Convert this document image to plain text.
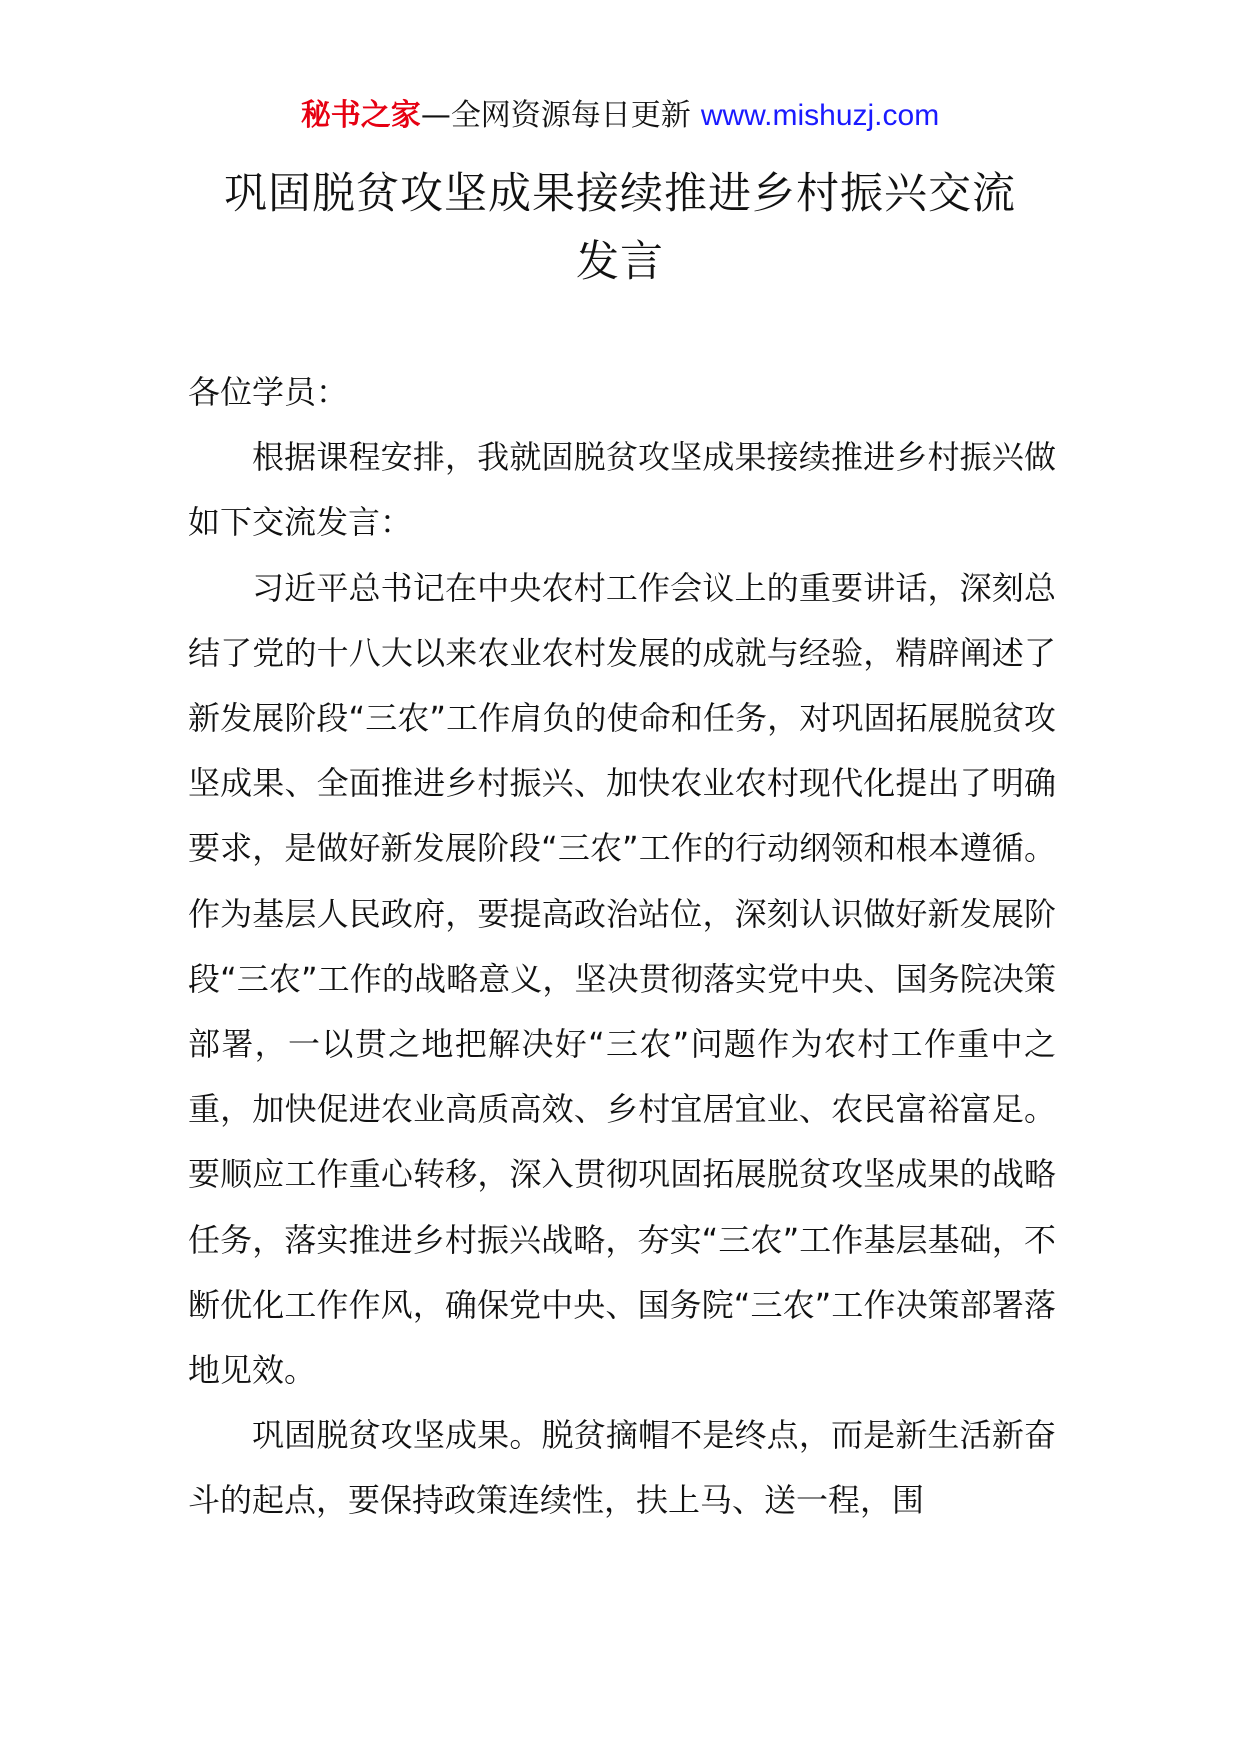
秘书之家—全网资源每日更新 www.mishuzj.com
巩固脱贫攻坚成果接续推进乡村振兴交流
发言

各位学员：

根据课程安排，我就固脱贫攻坚成果接续推进乡村振兴做如下交流发言：

习近平总书记在中央农村工作会议上的重要讲话，深刻总结了党的十八大以来农业农村发展的成就与经验，精辟阐述了新发展阶段“三农”工作肩负的使命和任务，对巩固拓展脱贫攻坚成果、全面推进乡村振兴、加快农业农村现代化提出了明确要求，是做好新发展阶段“三农”工作的行动纲领和根本遵循。作为基层人民政府，要提高政治站位，深刻认识做好新发展阶段“三农”工作的战略意义，坚决贯彻落实党中央、国务院决策部署，一以贯之地把解决好“三农”问题作为农村工作重中之重，加快促进农业高质高效、乡村宜居宜业、农民富裕富足。要顺应工作重心转移，深入贯彻巩固拓展脱贫攻坚成果的战略任务，落实推进乡村振兴战略，夯实“三农”工作基层基础，不断优化工作作风，确保党中央、国务院“三农”工作决策部署落地见效。

巩固脱贫攻坚成果。脱贫摘帽不是终点，而是新生活新奋斗的起点，要保持政策连续性，扶上马、送一程，围
